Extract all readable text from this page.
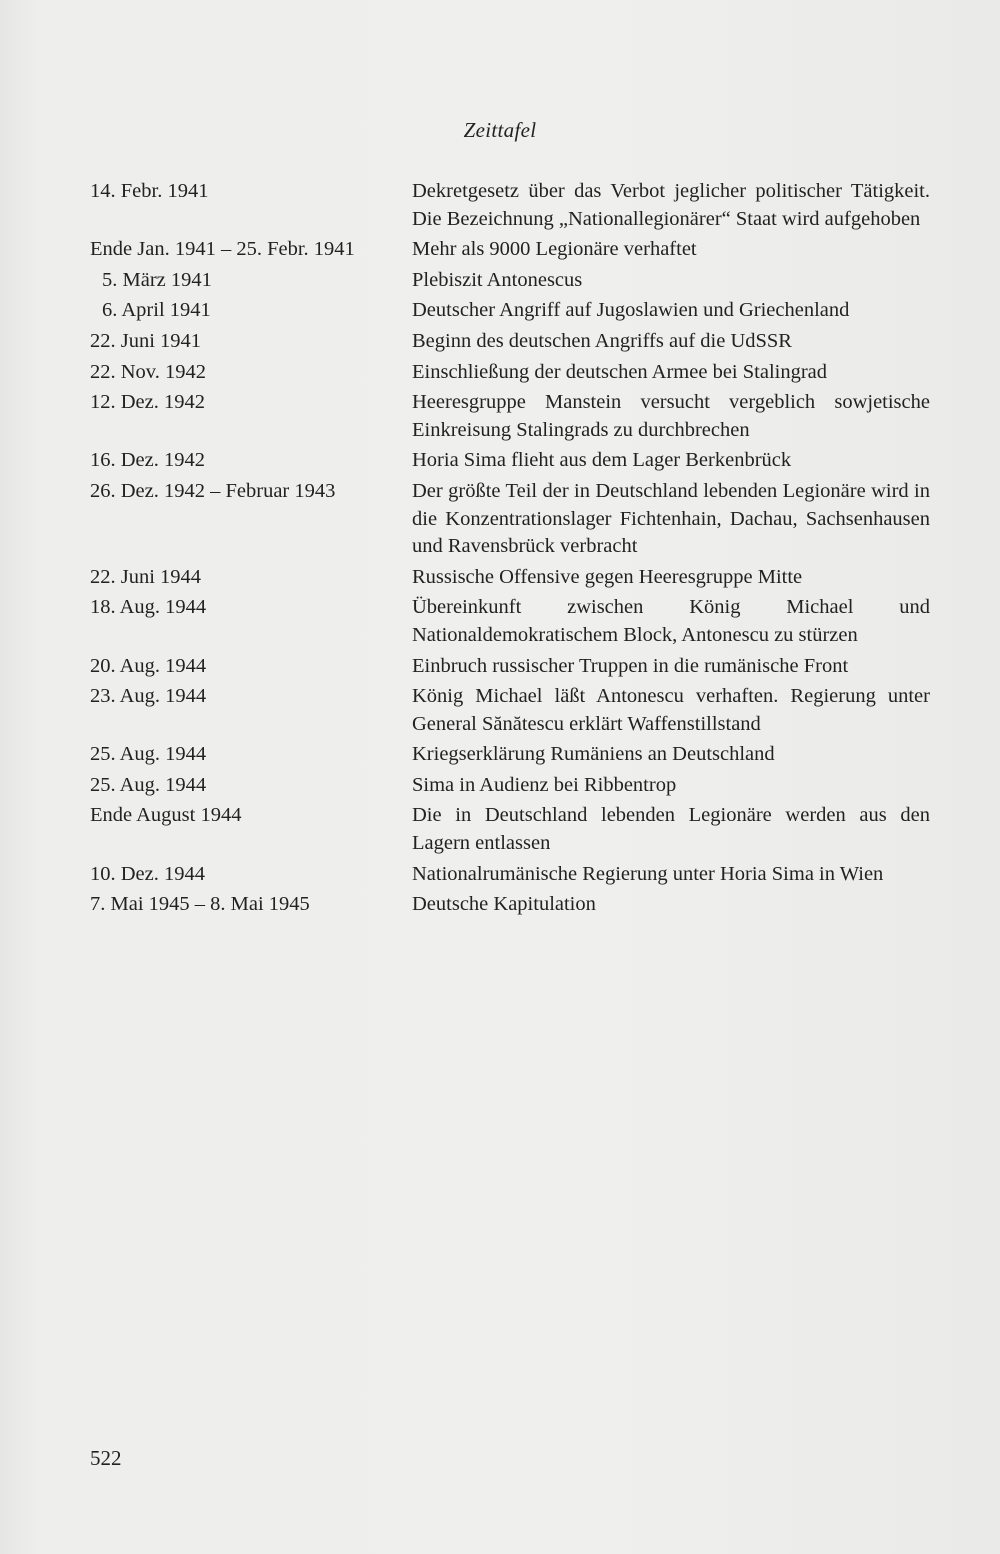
Zeittafel
14. Febr. 1941	Dekretgesetz über das Verbot jeglicher politischer Tätigkeit. Die Bezeichnung „Nationallegionärer“ Staat wird aufgehoben
Ende Jan. 1941 – 25. Febr. 1941	Mehr als 9000 Legionäre verhaftet
5. März 1941	Plebiszit Antonescus
6. April 1941	Deutscher Angriff auf Jugoslawien und Griechenland
22. Juni 1941	Beginn des deutschen Angriffs auf die UdSSR
22. Nov. 1942	Einschließung der deutschen Armee bei Stalingrad
12. Dez. 1942	Heeresgruppe Manstein versucht vergeblich sowjetische Einkreisung Stalingrads zu durchbrechen
16. Dez. 1942	Horia Sima flieht aus dem Lager Berkenbrück
26. Dez. 1942 – Februar 1943	Der größte Teil der in Deutschland lebenden Legionäre wird in die Konzentrationslager Fichtenhain, Dachau, Sachsenhausen und Ravensbrück verbracht
22. Juni 1944	Russische Offensive gegen Heeresgruppe Mitte
18. Aug. 1944	Übereinkunft zwischen König Michael und Nationaldemokratischem Block, Antonescu zu stürzen
20. Aug. 1944	Einbruch russischer Truppen in die rumänische Front
23. Aug. 1944	König Michael läßt Antonescu verhaften. Regierung unter General Sănătescu erklärt Waffenstillstand
25. Aug. 1944	Kriegserklärung Rumäniens an Deutschland
25. Aug. 1944	Sima in Audienz bei Ribbentrop
Ende August 1944	Die in Deutschland lebenden Legionäre werden aus den Lagern entlassen
10. Dez. 1944	Nationalrumänische Regierung unter Horia Sima in Wien
7. Mai 1945 – 8. Mai 1945	Deutsche Kapitulation
522
